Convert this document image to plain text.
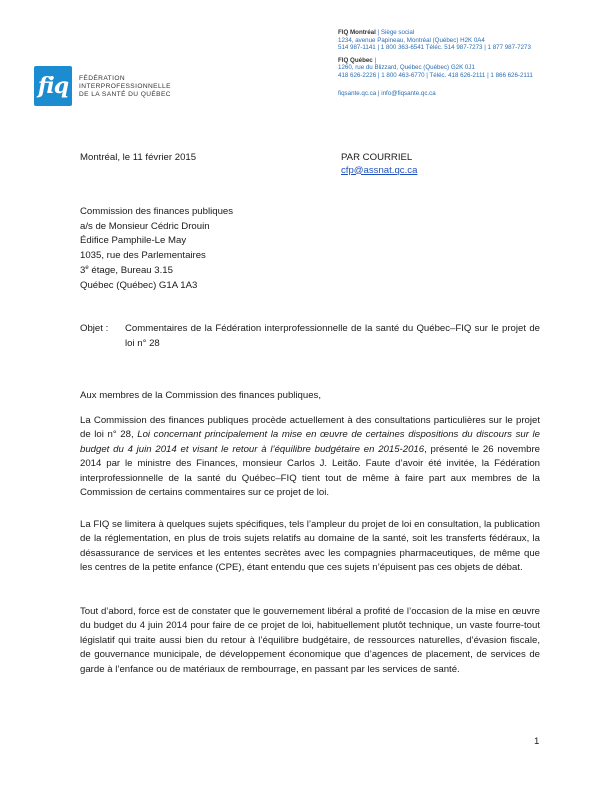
fiq	FÉDÉRATION
INTERPROFESSIONNELLE
DE LA SANTÉ DU QUÉBEC
FIQ Montréal | Siège social
1234, avenue Papineau, Montréal (Québec) H2K 0A4
514 987-1141 | 1 800 363-6541 Téléc. 514 987-7273 | 1 877 987-7273
FIQ Québec |
1260, rue du Blizzard, Québec (Québec) G2K 0J1
418 626-2226 | 1 800 463-6770 | Téléc. 418 626-2111 | 1 866 626-2111
fiqsante.qc.ca | info@fiqsante.qc.ca
Montréal, le 11 février 2015	PAR COURRIEL
cfp@assnat.qc.ca
Commission des finances publiques
a/s de Monsieur Cédric Drouin
Édifice Pamphile-Le May
1035, rue des Parlementaires
3e étage, Bureau 3.15
Québec (Québec) G1A 1A3
Objet :	Commentaires de la Fédération interprofessionnelle de la santé du Québec–FIQ sur le projet de loi n° 28
Aux membres de la Commission des finances publiques,
La Commission des finances publiques procède actuellement à des consultations particulières sur le projet de loi n° 28, Loi concernant principalement la mise en œuvre de certaines dispositions du discours sur le budget du 4 juin 2014 et visant le retour à l’équilibre budgétaire en 2015-2016, présenté le 26 novembre 2014 par le ministre des Finances, monsieur Carlos J. Leitão. Faute d’avoir été invitée, la Fédération interprofessionnelle de la santé du Québec–FIQ tient tout de même à faire part aux membres de la Commission de certains commentaires sur ce projet de loi.
La FIQ se limitera à quelques sujets spécifiques, tels l’ampleur du projet de loi en consultation, la publication de la réglementation, en plus de trois sujets relatifs au domaine de la santé, soit les transferts fédéraux, la désassurance de services et les ententes secrètes avec les compagnies pharmaceutiques, de même que les centres de la petite enfance (CPE), étant entendu que ces sujets n’épuisent pas ces objets de débat.
Tout d’abord, force est de constater que le gouvernement libéral a profité de l’occasion de la mise en œuvre du budget du 4 juin 2014 pour faire de ce projet de loi, habituellement plutôt technique, un vaste fourre-tout législatif qui traite aussi bien du retour à l’équilibre budgétaire, de ressources naturelles, d’évasion fiscale, de gouvernance municipale, de développement économique que d’agences de placement, de services de garde à l’enfance ou de matériaux de rembourrage, en passant par les services de santé.
1
